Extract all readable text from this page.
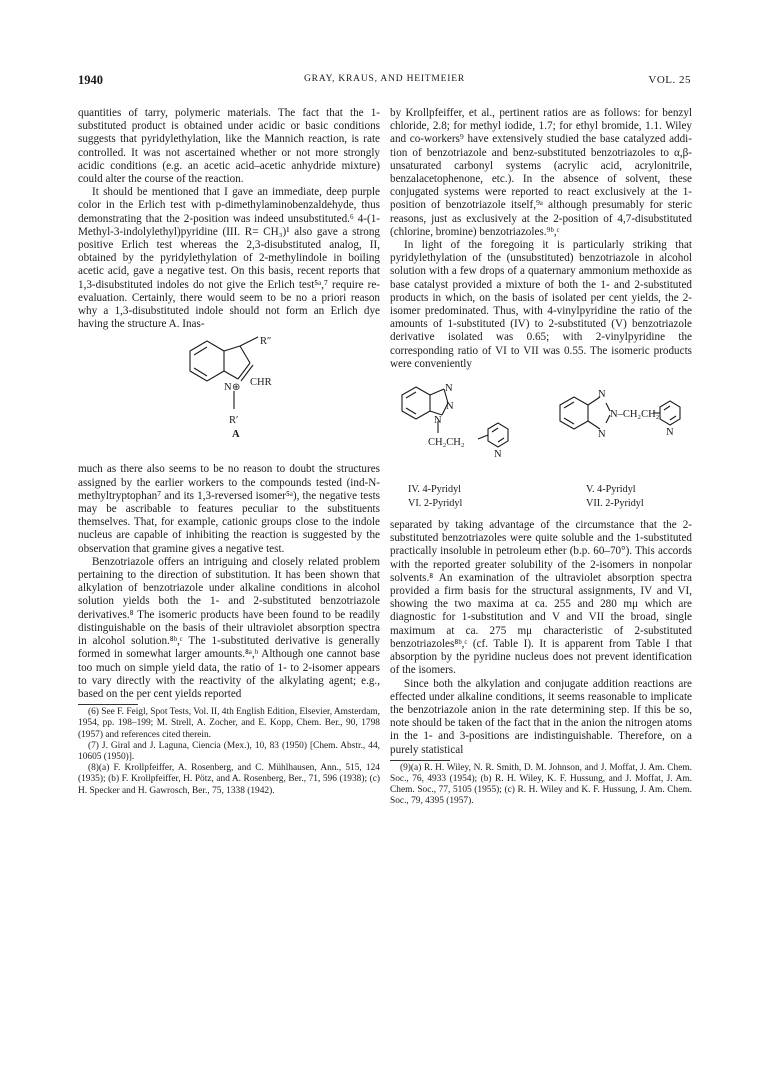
1940	GRAY, KRAUS, AND HEITMEIER	VOL. 25

quantities of tarry, polymeric materials. The fact that the 1-substituted product is obtained under acidic or basic conditions suggests that pyridylethylation, like the Mannich reaction, is rate controlled. It was not ascertained whether or not more strongly acidic conditions (e.g. an acetic acid–acetic anhydride mixture) could alter the course of the reaction.

It should be mentioned that I gave an immediate, deep purple color in the Erlich test with p-dimethylaminobenzaldehyde, thus demonstrating that the 2-position was indeed unsubstituted.⁶ 4-(1-Methyl-3-indolylethyl)pyridine (III. R= CH₃)¹ also gave a strong positive Erlich test whereas the 2,3-disubstituted analog, II, obtained by the pyridylethylation of 2-methylindole in boiling acetic acid, gave a negative test. On this basis, recent reports that 1,3-disubstituted indoles do not give the Erlich test⁵ᵃ,⁷ require re-evaluation. Certainly, there would seem to be no a priori reason why a 1,3-disubstituted indole should not form an Erlich dye having the structure A. Inas-

R″
N ⊕ CHR
R′
A

much as there also seems to be no reason to doubt the structures assigned by the earlier workers to the compounds tested (ind-N-methyltryptophan⁷ and its 1,3-reversed isomer⁵ᵃ), the negative tests may be ascribable to features peculiar to the substituents themselves. That, for example, cationic groups close to the indole nucleus are capable of inhibiting the reaction is suggested by the observation that gramine gives a negative test.

Benzotriazole offers an intriguing and closely related problem pertaining to the direction of substitution. It has been shown that alkylation of benzotriazole under alkaline conditions in alcohol solution yields both the 1- and 2-substituted benzotriazole derivatives.⁸ The isomeric products have been found to be readily distinguishable on the basis of their ultraviolet absorption spectra in alcohol solution.⁸ᵇ,ᶜ The 1-substituted derivative is generally formed in somewhat larger amounts.⁸ᵃ,ᵇ Although one cannot base too much on simple yield data, the ratio of 1- to 2-isomer appears to vary directly with the reactivity of the alkylating agent; e.g., based on the per cent yields reported

(6) See F. Feigl, Spot Tests, Vol. II, 4th English Edition, Elsevier, Amsterdam, 1954, pp. 198–199; M. Strell, A. Zocher, and E. Kopp, Chem. Ber., 90, 1798 (1957) and references cited therein.

(7) J. Giral and J. Laguna, Ciencia (Mex.), 10, 83 (1950) [Chem. Abstr., 44, 10605 (1950)].

(8)(a) F. Krollpfeiffer, A. Rosenberg, and C. Mühlhausen, Ann., 515, 124 (1935); (b) F. Krollpfeiffer, H. Pötz, and A. Rosenberg, Ber., 71, 596 (1938); (c) H. Specker and H. Gawrosch, Ber., 75, 1338 (1942).

by Krollpfeiffer, et al., pertinent ratios are as follows: for benzyl chloride, 2.8; for methyl iodide, 1.7; for ethyl bromide, 1.1. Wiley and co-workers⁹ have extensively studied the base catalyzed addition of benzotriazole and benz-substituted benzotriazoles to α,β-unsaturated carbonyl systems (acrylic acid, acrylonitrile, benzalacetophenone, etc.). In the absence of solvent, these conjugated systems were reported to react exclusively at the 1-position of benzotriazole itself,⁹ᵃ although presumably for steric reasons, just as exclusively at the 2-position of 4,7-disubstituted (chlorine, bromine) benzotriazoles.⁹ᵇ,ᶜ

In light of the foregoing it is particularly striking that pyridylethylation of the (unsubstituted) benzotriazole in alcohol solution with a few drops of a quaternary ammonium methoxide as base catalyst provided a mixture of both the 1- and 2-substituted products in which, on the basis of isolated per cent yields, the 2-isomer predominated. Thus, with 4-vinylpyridine the ratio of the amounts of 1-substituted (IV) to 2-substituted (V) benzotriazole derivative isolated was 0.65; with 2-vinylpyridine the corresponding ratio of VI to VII was 0.55. The isomeric products were conveniently

N
N
N
CH₂CH₂
N
N
N–CH₂CH₂
N	N
IV. 4-Pyridyl
VI. 2-Pyridyl
V. 4-Pyridyl
VII. 2-Pyridyl

separated by taking advantage of the circumstance that the 2-substituted benzotriazoles were quite soluble and the 1-substituted practically insoluble in petroleum ether (b.p. 60–70°). This accords with the reported greater solubility of the 2-isomers in nonpolar solvents.⁸ An examination of the ultraviolet absorption spectra provided a firm basis for the structural assignments, IV and VI, showing the two maxima at ca. 255 and 280 mμ which are diagnostic for 1-substitution and V and VII the broad, single maximum at ca. 275 mμ characteristic of 2-substituted benzotriazoles⁸ᵇ,ᶜ (cf. Table I). It is apparent from Table I that absorption by the pyridine nucleus does not prevent identification of the isomers.

Since both the alkylation and conjugate addition reactions are effected under alkaline conditions, it seems reasonable to implicate the benzotriazole anion in the rate determining step. If this be so, note should be taken of the fact that in the anion the nitrogen atoms in the 1- and 3-positions are indistinguishable. Therefore, on a purely statistical

(9)(a) R. H. Wiley, N. R. Smith, D. M. Johnson, and J. Moffat, J. Am. Chem. Soc., 76, 4933 (1954); (b) R. H. Wiley, K. F. Hussung, and J. Moffat, J. Am. Chem. Soc., 77, 5105 (1955); (c) R. H. Wiley and K. F. Hussung, J. Am. Chem. Soc., 79, 4395 (1957).
